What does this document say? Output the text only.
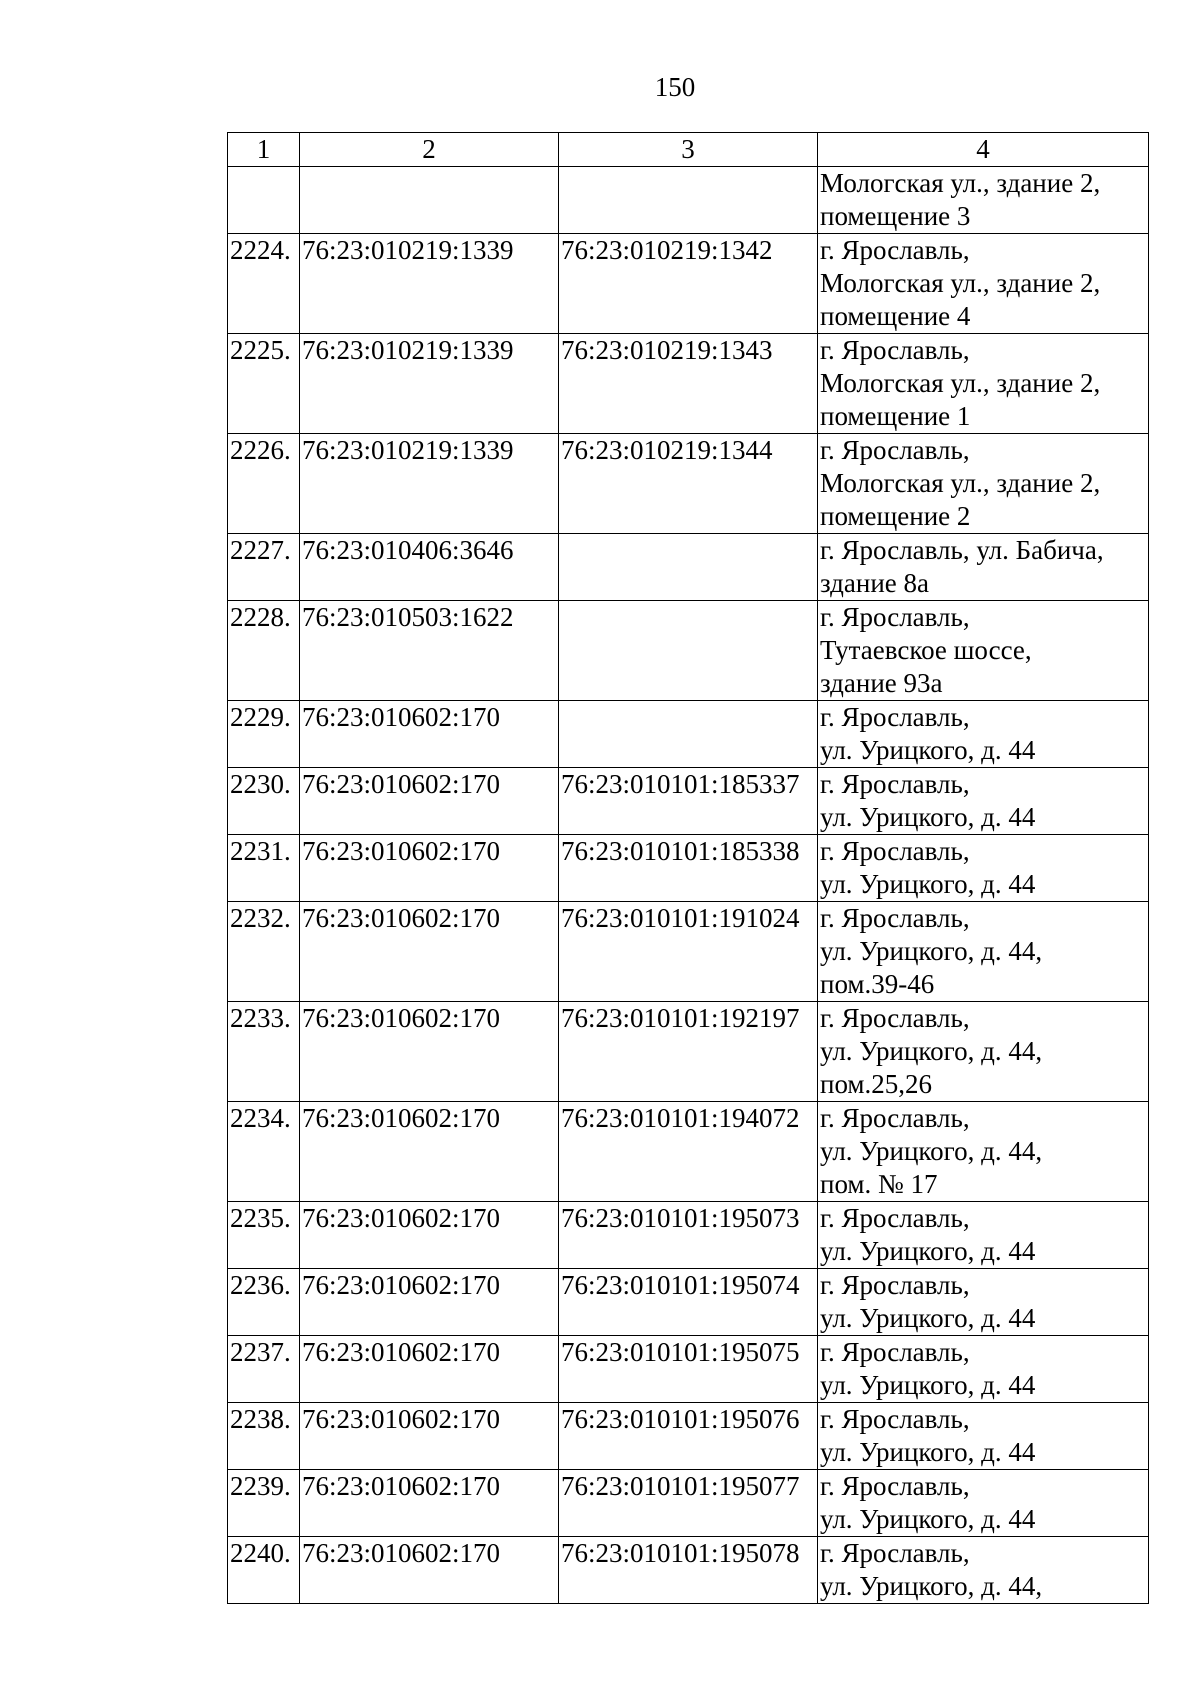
150
1	2	3	4

			Мологская ул., здание 2,
помещение 3

2224.	76:23:010219:1339	76:23:010219:1342	г. Ярославль,
Мологская ул., здание 2,
помещение 4

2225.	76:23:010219:1339	76:23:010219:1343	г. Ярославль,
Мологская ул., здание 2,
помещение 1

2226.	76:23:010219:1339	76:23:010219:1344	г. Ярославль,
Мологская ул., здание 2,
помещение 2

2227.	76:23:010406:3646		г. Ярославль, ул. Бабича,
здание 8а

2228.	76:23:010503:1622		г. Ярославль,
Тутаевское шоссе,
здание 93а

2229.	76:23:010602:170		г. Ярославль,
ул. Урицкого, д. 44

2230.	76:23:010602:170	76:23:010101:185337	г. Ярославль,
ул. Урицкого, д. 44

2231.	76:23:010602:170	76:23:010101:185338	г. Ярославль,
ул. Урицкого, д. 44

2232.	76:23:010602:170	76:23:010101:191024	г. Ярославль,
ул. Урицкого, д. 44,
пом.39-46

2233.	76:23:010602:170	76:23:010101:192197	г. Ярославль,
ул. Урицкого, д. 44,
пом.25,26

2234.	76:23:010602:170	76:23:010101:194072	г. Ярославль,
ул. Урицкого, д. 44,
пом. № 17

2235.	76:23:010602:170	76:23:010101:195073	г. Ярославль,
ул. Урицкого, д. 44

2236.	76:23:010602:170	76:23:010101:195074	г. Ярославль,
ул. Урицкого, д. 44

2237.	76:23:010602:170	76:23:010101:195075	г. Ярославль,
ул. Урицкого, д. 44

2238.	76:23:010602:170	76:23:010101:195076	г. Ярославль,
ул. Урицкого, д. 44

2239.	76:23:010602:170	76:23:010101:195077	г. Ярославль,
ул. Урицкого, д. 44

2240.	76:23:010602:170	76:23:010101:195078	г. Ярославль,
ул. Урицкого, д. 44,
